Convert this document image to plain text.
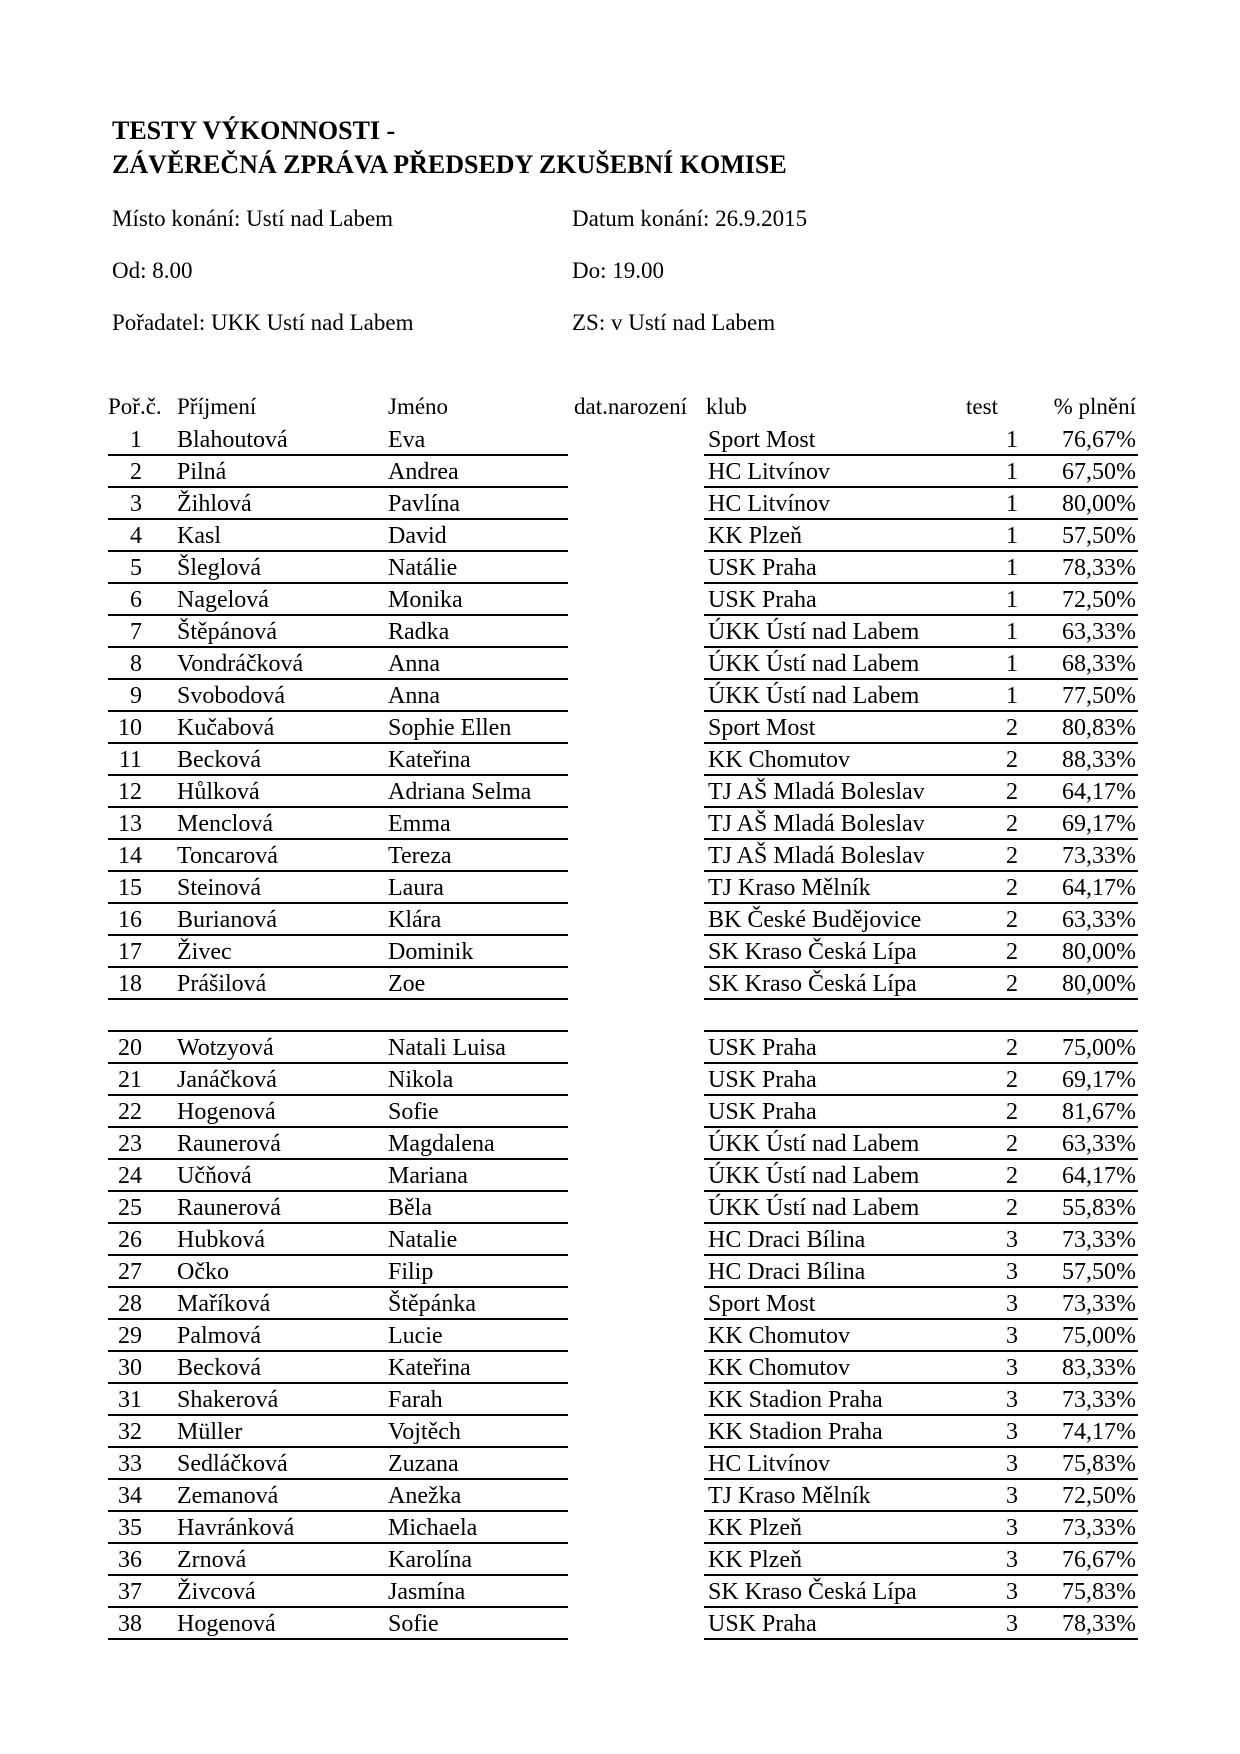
TESTY VÝKONNOSTI -
ZÁVĚREČNÁ ZPRÁVA PŘEDSEDY ZKUŠEBNÍ KOMISE
Místo konání: Ustí nad Labem	Datum konání: 26.9.2015
Od: 8.00	Do: 19.00
Pořadatel: UKK Ustí nad Labem	ZS: v Ustí nad Labem
Poř.č. Příjmení	Jméno	dat.narození klub	test % plnění
1 Blahoutová	Eva	Sport Most	1 76,67%
2 Pilná	Andrea	HC Litvínov	1 67,50%
3 Žihlová	Pavlína	HC Litvínov	1 80,00%
4 Kasl	David	KK Plzeň	1 57,50%
5 Šleglová	Natálie	USK Praha	1 78,33%
6 Nagelová	Monika	USK Praha	1 72,50%
7 Štěpánová	Radka	ÚKK Ústí nad Labem	1 63,33%
8 Vondráčková	Anna	ÚKK Ústí nad Labem	1 68,33%
9 Svobodová	Anna	ÚKK Ústí nad Labem	1 77,50%
10 Kučabová	Sophie Ellen	Sport Most	2 80,83%
11 Becková	Kateřina	KK Chomutov	2 88,33%
12 Hůlková	Adriana Selma	TJ AŠ Mladá Boleslav	2 64,17%
13 Menclová	Emma	TJ AŠ Mladá Boleslav	2 69,17%
14 Toncarová	Tereza	TJ AŠ Mladá Boleslav	2 73,33%
15 Steinová	Laura	TJ Kraso Mělník	2 64,17%
16 Burianová	Klára	BK České Budějovice	2 63,33%
17 Živec	Dominik	SK Kraso Česká Lípa	2 80,00%
18 Prášilová	Zoe	SK Kraso Česká Lípa	2 80,00%
20 Wotzyová	Natali Luisa	USK Praha	2 75,00%
21 Janáčková	Nikola	USK Praha	2 69,17%
22 Hogenová	Sofie	USK Praha	2 81,67%
23 Raunerová	Magdalena	ÚKK Ústí nad Labem	2 63,33%
24 Učňová	Mariana	ÚKK Ústí nad Labem	2 64,17%
25 Raunerová	Běla	ÚKK Ústí nad Labem	2 55,83%
26 Hubková	Natalie	HC Draci Bílina	3 73,33%
27 Očko	Filip	HC Draci Bílina	3 57,50%
28 Maříková	Štěpánka	Sport Most	3 73,33%
29 Palmová	Lucie	KK Chomutov	3 75,00%
30 Becková	Kateřina	KK Chomutov	3 83,33%
31 Shakerová	Farah	KK Stadion Praha	3 73,33%
32 Müller	Vojtěch	KK Stadion Praha	3 74,17%
33 Sedláčková	Zuzana	HC Litvínov	3 75,83%
34 Zemanová	Anežka	TJ Kraso Mělník	3 72,50%
35 Havránková	Michaela	KK Plzeň	3 73,33%
36 Zrnová	Karolína	KK Plzeň	3 76,67%
37 Živcová	Jasmína	SK Kraso Česká Lípa	3 75,83%
38 Hogenová	Sofie	USK Praha	3 78,33%
